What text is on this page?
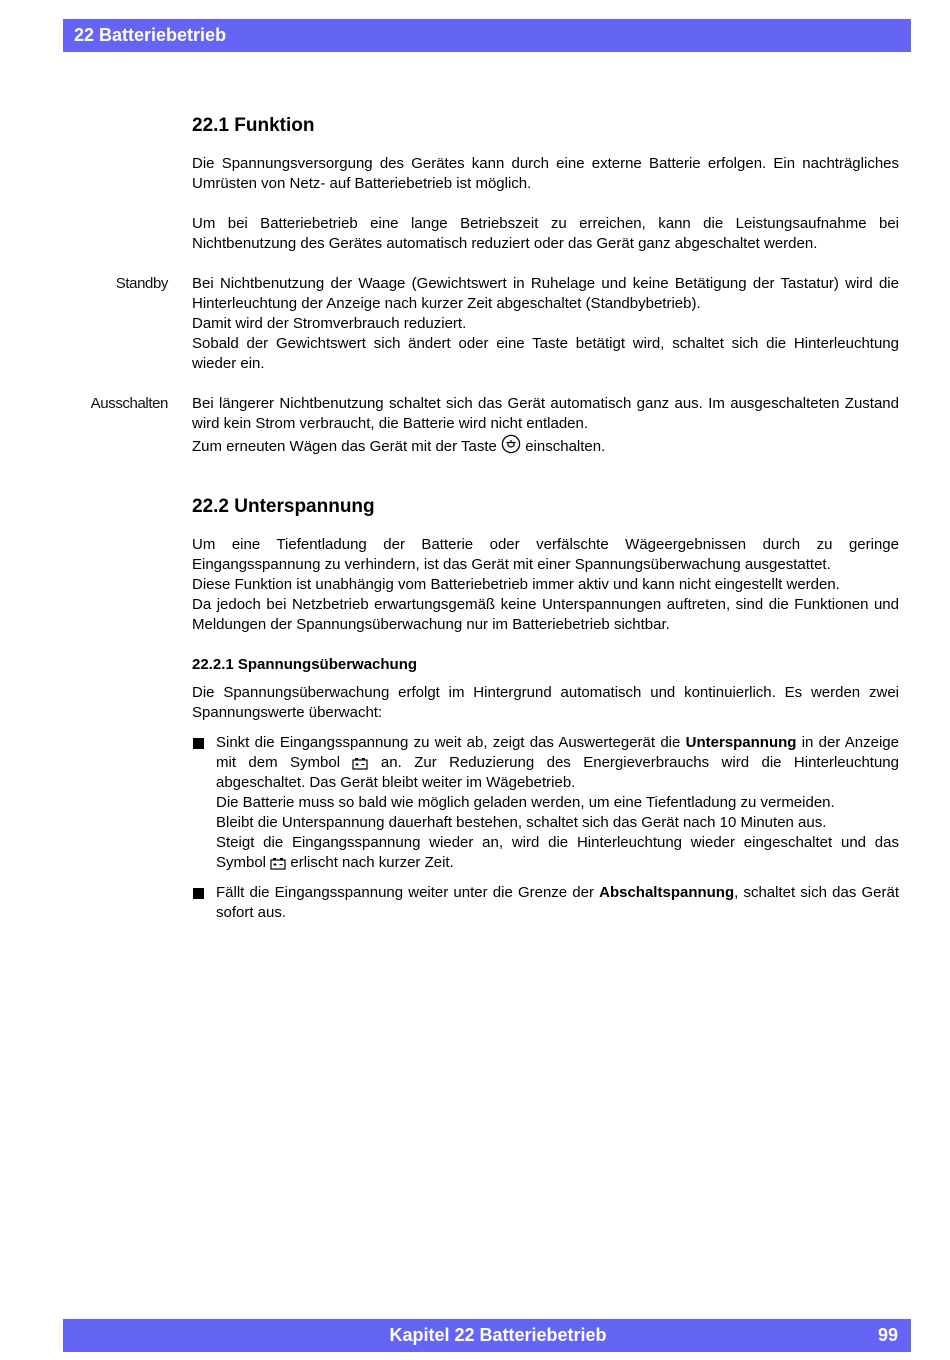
22 Batteriebetrieb
22.1 Funktion

Die Spannungsversorgung des Gerätes kann durch eine externe Batterie erfolgen. Ein nachträgliches Umrüsten von Netz- auf Batteriebetrieb ist möglich.

Um bei Batteriebetrieb eine lange Betriebszeit zu erreichen, kann die Leistungsaufnahme bei Nichtbenutzung des Gerätes automatisch reduziert oder das Gerät ganz abgeschaltet werden.

Standby Bei Nichtbenutzung der Waage (Gewichtswert in Ruhelage und keine Betätigung der Tastatur) wird die Hinterleuchtung der Anzeige nach kurzer Zeit abgeschaltet (Standbybetrieb).
Damit wird der Stromverbrauch reduziert.
Sobald der Gewichtswert sich ändert oder eine Taste betätigt wird, schaltet sich die Hinterleuchtung wieder ein.

Ausschalten Bei längerer Nichtbenutzung schaltet sich das Gerät automatisch ganz aus. Im ausgeschalteten Zustand wird kein Strom verbraucht, die Batterie wird nicht entladen.
Zum erneuten Wägen das Gerät mit der Taste einschalten.

22.2 Unterspannung

Um eine Tiefentladung der Batterie oder verfälschte Wägeergebnissen durch zu geringe Eingangsspannung zu verhindern, ist das Gerät mit einer Spannungsüberwachung ausgestattet.
Diese Funktion ist unabhängig vom Batteriebetrieb immer aktiv und kann nicht eingestellt werden.
Da jedoch bei Netzbetrieb erwartungsgemäß keine Unterspannungen auftreten, sind die Funktionen und Meldungen der Spannungsüberwachung nur im Batteriebetrieb sichtbar.

22.2.1 Spannungsüberwachung

Die Spannungsüberwachung erfolgt im Hintergrund automatisch und kontinuierlich. Es werden zwei Spannungswerte überwacht:

Sinkt die Eingangsspannung zu weit ab, zeigt das Auswertegerät die Unterspannung in der Anzeige mit dem Symbol	an. Zur Reduzierung des Energieverbrauchs wird die Hinterleuchtung abgeschaltet. Das Gerät bleibt weiter im Wägebetrieb.
Die Batterie muss so bald wie möglich geladen werden, um eine Tiefentladung zu vermeiden.
Bleibt die Unterspannung dauerhaft bestehen, schaltet sich das Gerät nach 10 Minuten aus.
Steigt die Eingangsspannung wieder an, wird die Hinterleuchtung wieder eingeschaltet und das Symbol erlischt nach kurzer Zeit.
Fällt die Eingangsspannung weiter unter die Grenze der Abschaltspannung, schaltet sich das Gerät sofort aus.
Kapitel 22 Batteriebetrieb	99
